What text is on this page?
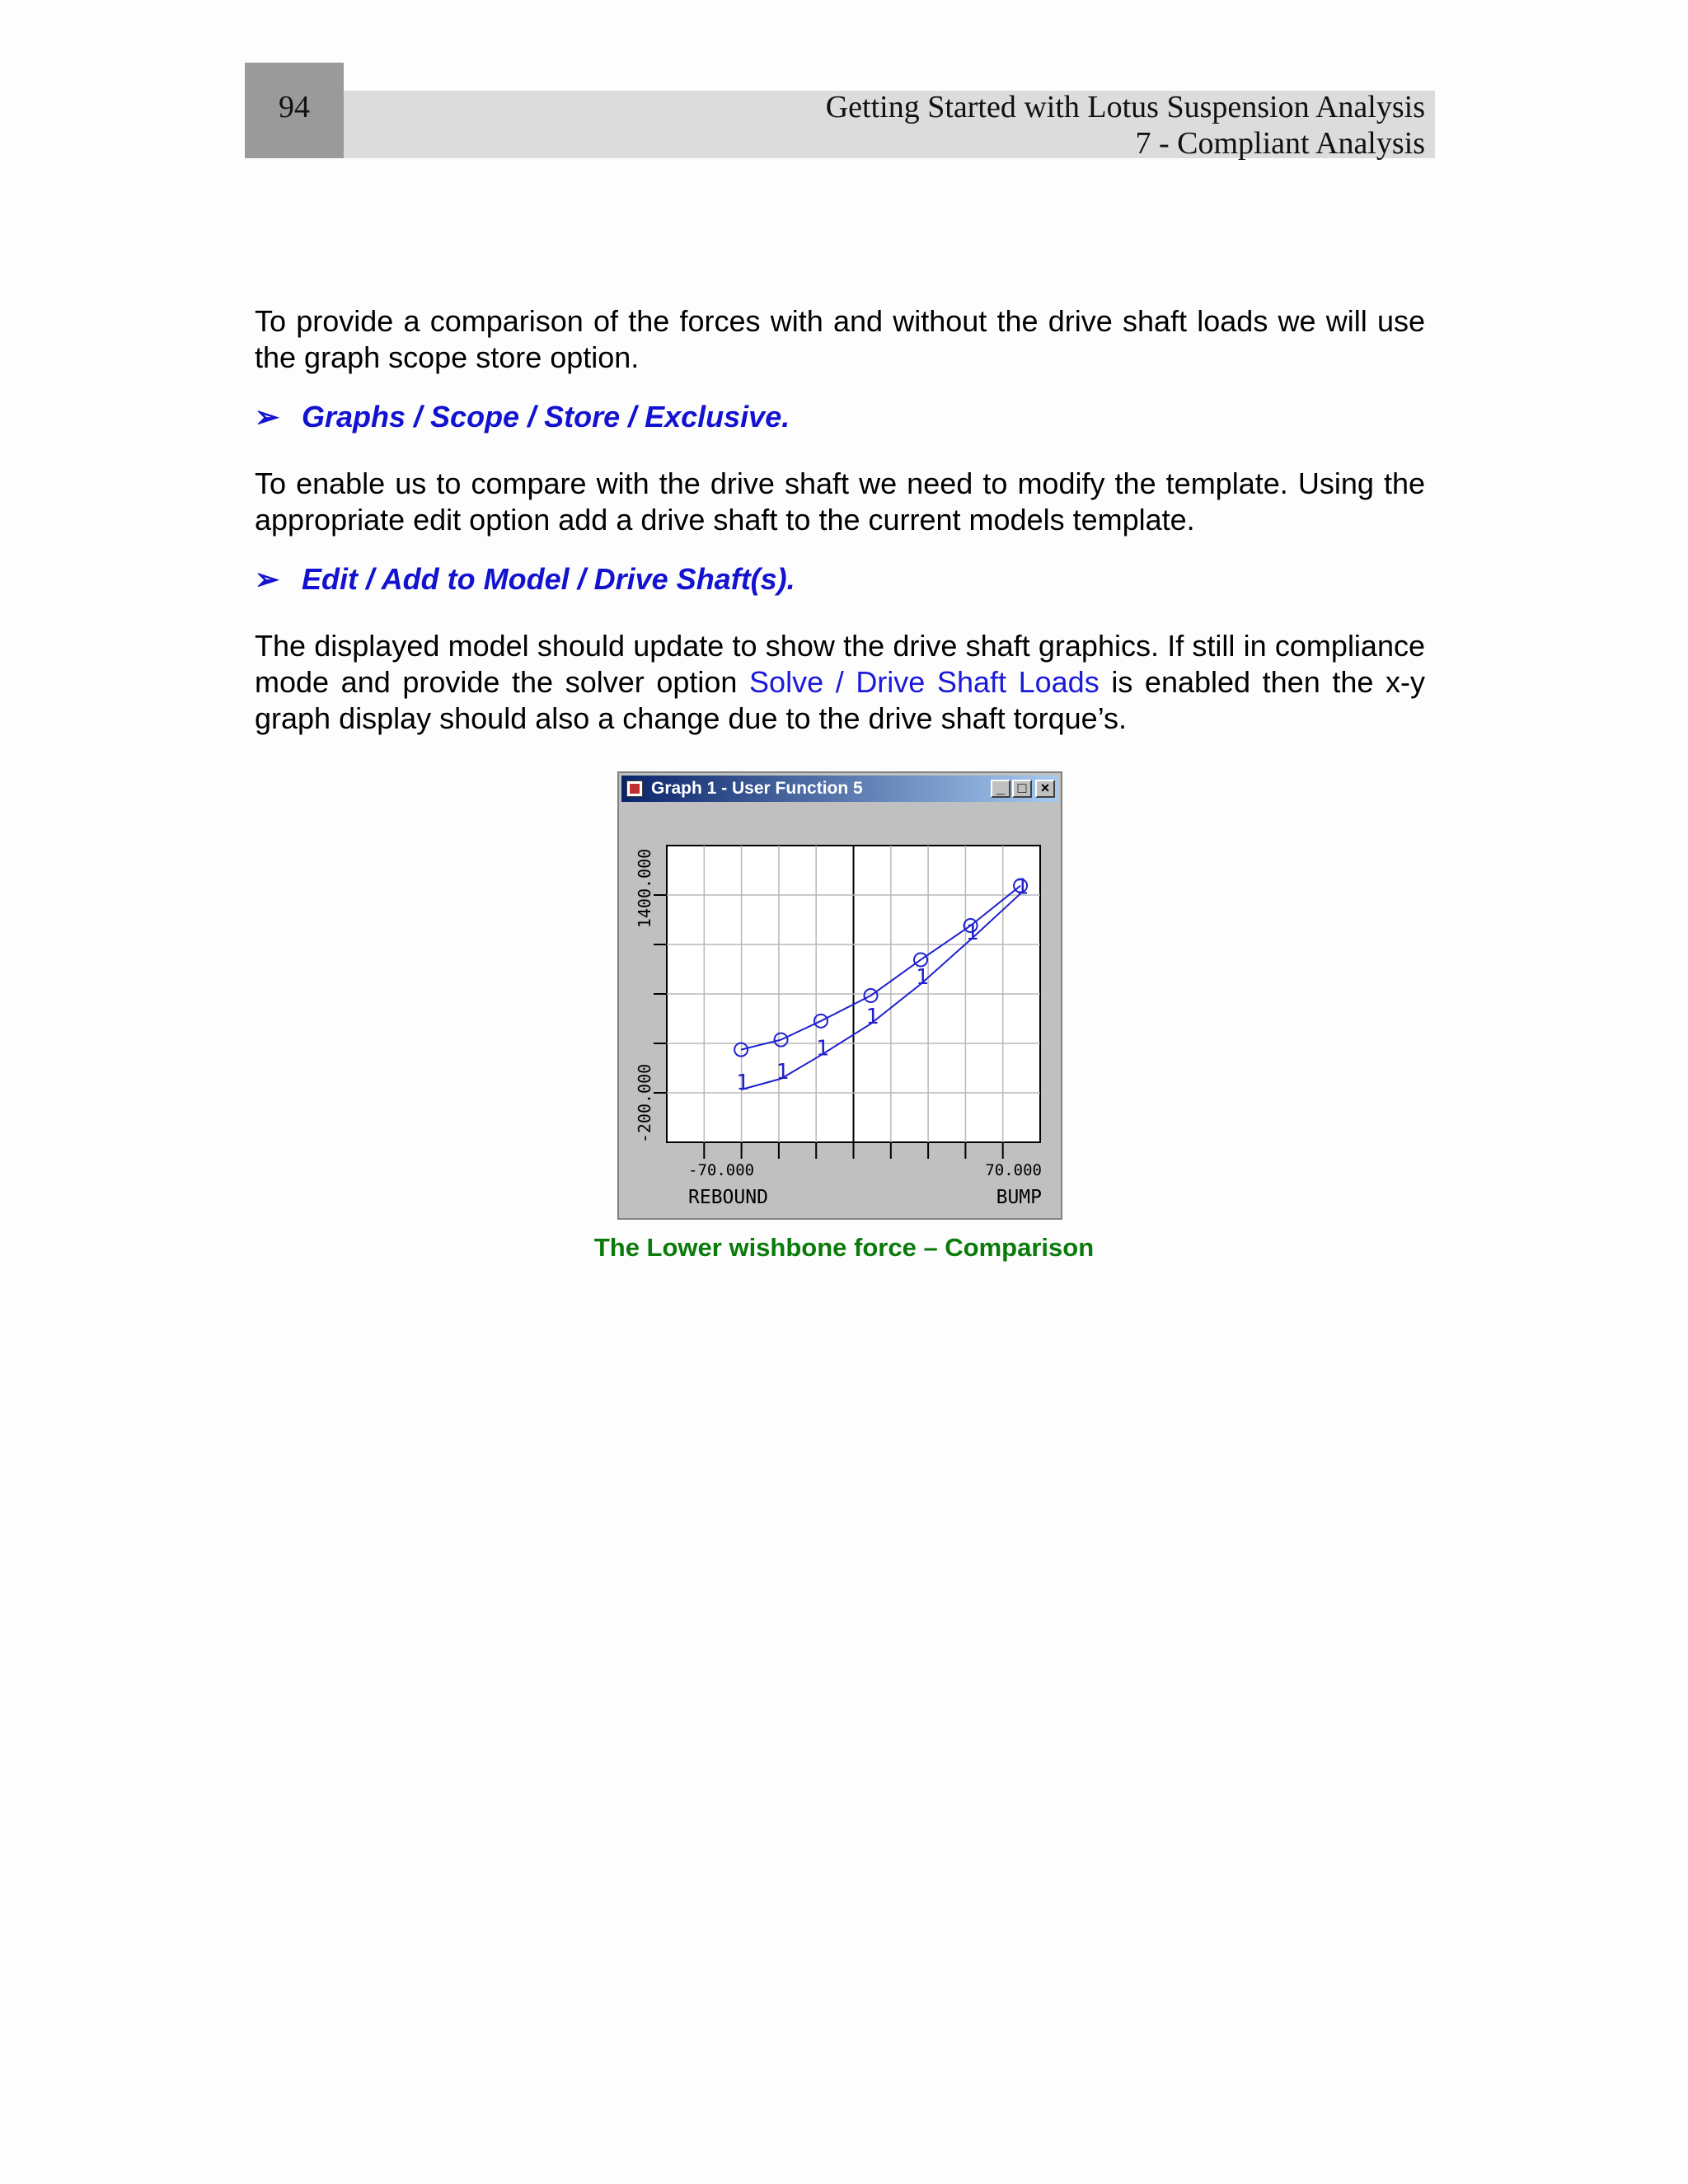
94	Getting Started with Lotus Suspension Analysis
7 - Compliant Analysis
To provide a comparison of the forces with and without the drive shaft loads we will use the graph scope store option.
➢ Graphs / Scope / Store / Exclusive.
To enable us to compare with the drive shaft we need to modify the template. Using the appropriate edit option add a drive shaft to the current models template.
➢ Edit / Add to Model / Drive Shaft(s).
The displayed model should update to show the drive shaft graphics. If still in compliance mode and provide the solver option Solve / Drive Shaft Loads is enabled then the x-y graph display should also a change due to the drive shaft torque’s.
Graph 1 - User Function 5	_ □ ×
-200.000
1400.000
-70.000	70.000
REBOUND	BUMP
1 1
1
1
1
1
1
The Lower wishbone force – Comparison
